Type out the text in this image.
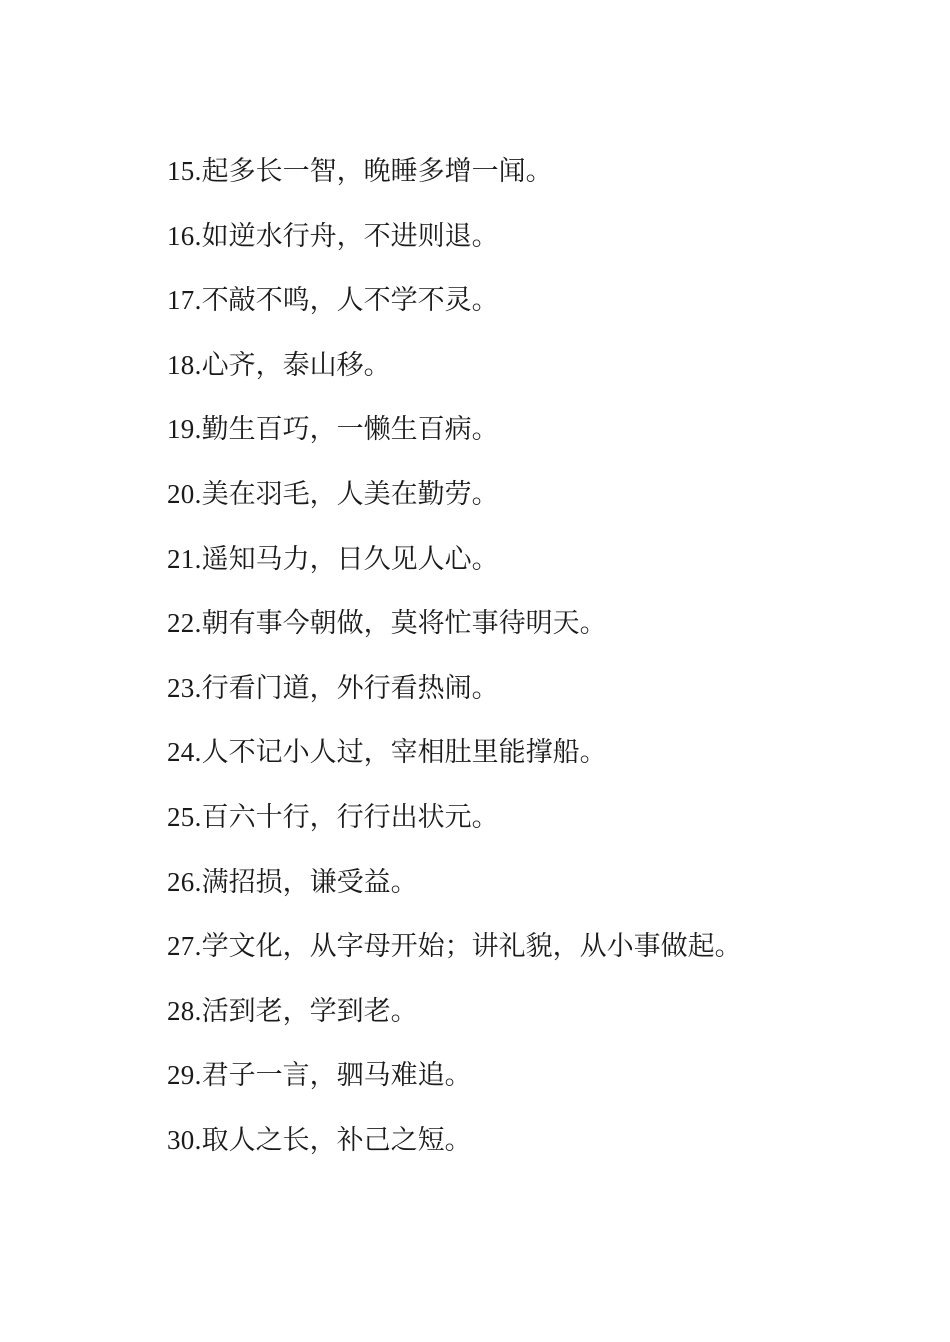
15.起多长一智，晚睡多增一闻。
16.如逆水行舟，不进则退。
17.不敲不鸣，人不学不灵。
18.心齐，泰山移。
19.勤生百巧，一懒生百病。
20.美在羽毛，人美在勤劳。
21.遥知马力，日久见人心。
22.朝有事今朝做，莫将忙事待明天。
23.行看门道，外行看热闹。
24.人不记小人过，宰相肚里能撑船。
25.百六十行，行行出状元。
26.满招损，谦受益。
27.学文化，从字母开始；讲礼貌，从小事做起。
28.活到老，学到老。
29.君子一言，驷马难追。
30.取人之长，补己之短。
